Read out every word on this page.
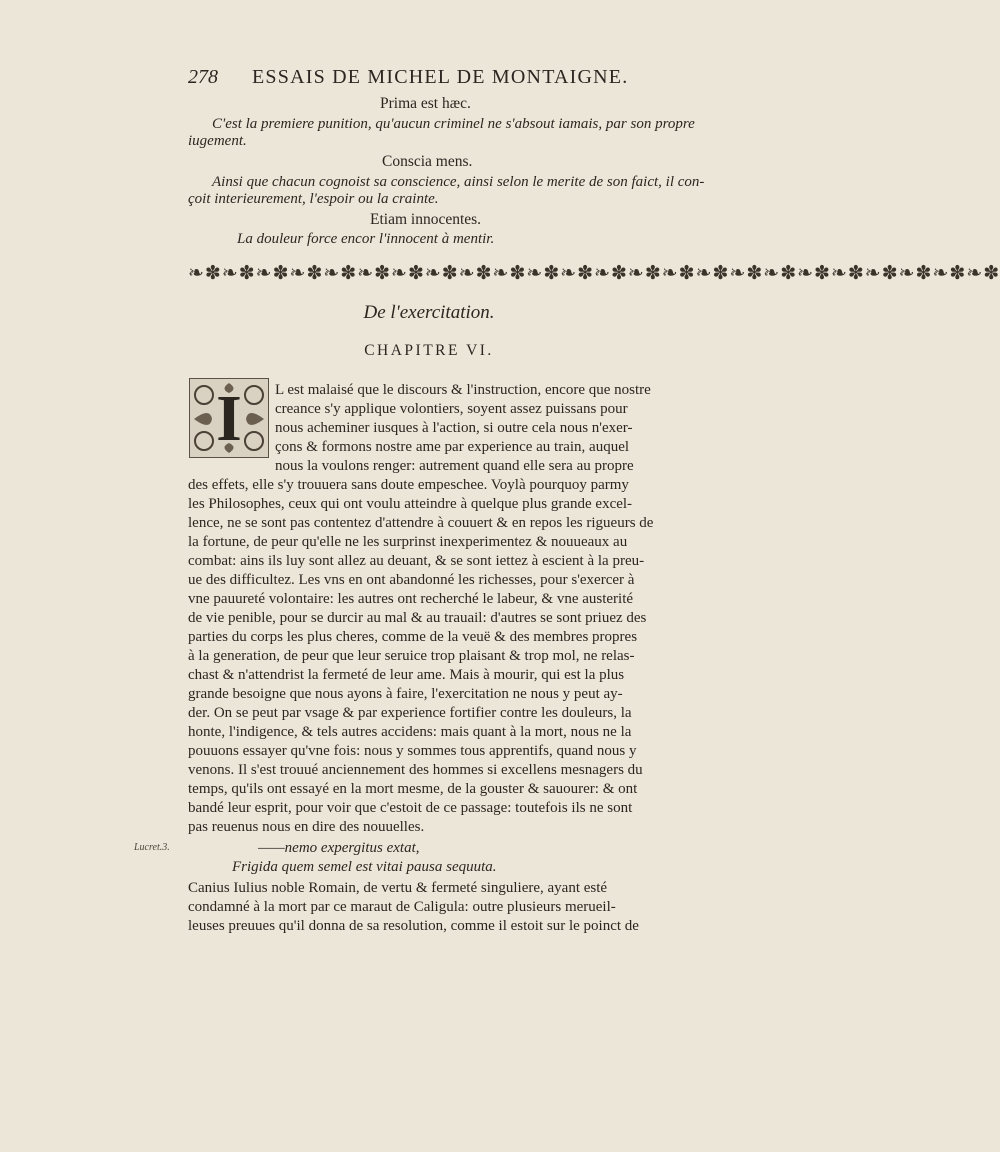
278 ESSAIS DE MICHEL DE MONTAIGNE.
Prima est hæc.
C'est la premiere punition, qu'aucun criminel ne s'absout iamais, par son propre
iugement.
Conscia mens.
Ainsi que chacun cognoist sa conscience, ainsi selon le merite de son faict, il con-
çoit interieurement, l'espoir ou la crainte.
Etiam innocentes.
La douleur force encor l'innocent à mentir.
❧✽❧✽❧✽❧✽❧✽❧✽❧✽❧✽❧✽❧✽❧✽❧✽❧✽❧✽❧✽❧✽❧✽❧✽❧✽❧✽❧✽❧✽❧✽❧✽
De l'exercitation.
CHAPITRE VI.
I	L est malaisé que le discours & l'instruction, encore que nostre
creance s'y applique volontiers, soyent assez puissans pour
nous acheminer iusques à l'action, si outre cela nous n'exer-
çons & formons nostre ame par experience au train, auquel
nous la voulons renger: autrement quand elle sera au propre
des effets, elle s'y trouuera sans doute empeschee. Voylà pourquoy parmy
les Philosophes, ceux qui ont voulu atteindre à quelque plus grande excel-
lence, ne se sont pas contentez d'attendre à couuert & en repos les rigueurs de
la fortune, de peur qu'elle ne les surprinst inexperimentez & nouueaux au
combat: ains ils luy sont allez au deuant, & se sont iettez à escient à la preu-
ue des difficultez. Les vns en ont abandonné les richesses, pour s'exercer à
vne pauureté volontaire: les autres ont recherché le labeur, & vne austerité
de vie penible, pour se durcir au mal & au trauail: d'autres se sont priuez des
parties du corps les plus cheres, comme de la veuë & des membres propres
à la generation, de peur que leur seruice trop plaisant & trop mol, ne relas-
chast & n'attendrist la fermeté de leur ame. Mais à mourir, qui est la plus
grande besoigne que nous ayons à faire, l'exercitation ne nous y peut ay-
der. On se peut par vsage & par experience fortifier contre les douleurs, la
honte, l'indigence, & tels autres accidens: mais quant à la mort, nous ne la
pouuons essayer qu'vne fois: nous y sommes tous apprentifs, quand nous y
venons. Il s'est trouué anciennement des hommes si excellens mesnagers du
temps, qu'ils ont essayé en la mort mesme, de la gouster & sauourer: & ont
bandé leur esprit, pour voir que c'estoit de ce passage: toutefois ils ne sont
pas reuenus nous en dire des nouuelles.
Lucret.3.	——nemo expergitus extat,
Frigida quem semel est vitai pausa sequuta.
Canius Iulius noble Romain, de vertu & fermeté singuliere, ayant esté
condamné à la mort par ce maraut de Caligula: outre plusieurs merueil-
leuses preuues qu'il donna de sa resolution, comme il estoit sur le poinct de
